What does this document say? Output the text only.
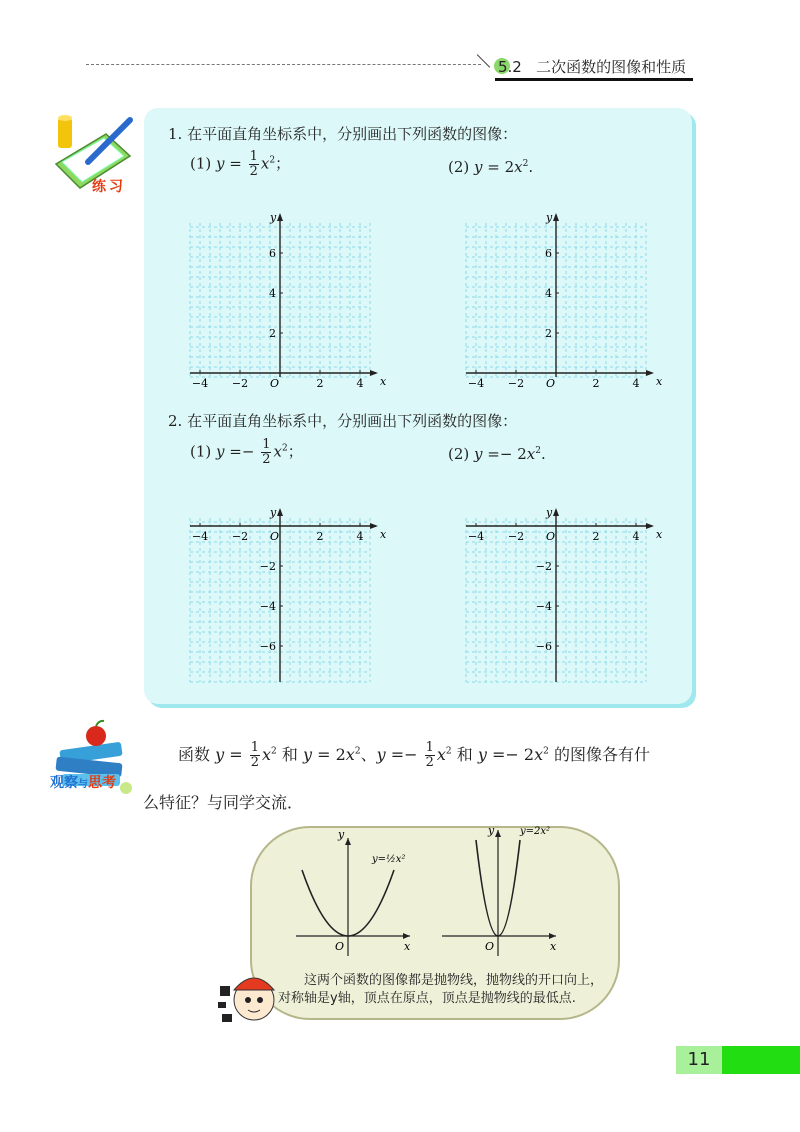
5.2 二次函数的图像和性质
练习
1. 在平面直角坐标系中，分别画出下列函数的图像：
(1) $y = \frac{1}{2} x^2$；	(2) $y = 2x^2$.
2. 在平面直角坐标系中，分别画出下列函数的图像：
(1) $y =- \frac{1}{2} x^2$；	(2) $y =- 2x^2$.
−4 −2	2	4
2
4
6
O	x
y
−4 −2	2	4
2
4
6
O	x
y
−4 −2	2	4
−2
−4
−6
O	x
y
−4 −2	2	4
−2
−4
−6
O	x
y
观察与思考
函数 $y = \frac{1}{2} x^2$ 和 $y = 2x^2$、$y =- \frac{1}{2} x^2$ 和 $y =- 2x^2$ 的图像各有什
么特征？与同学交流．
y
x
O
y=½x²
y
x
O
y=2x²
这两个函数的图像都是抛物线，抛物线的开口向上，
对称轴是y轴，顶点在原点，顶点是抛物线的最低点.
11
